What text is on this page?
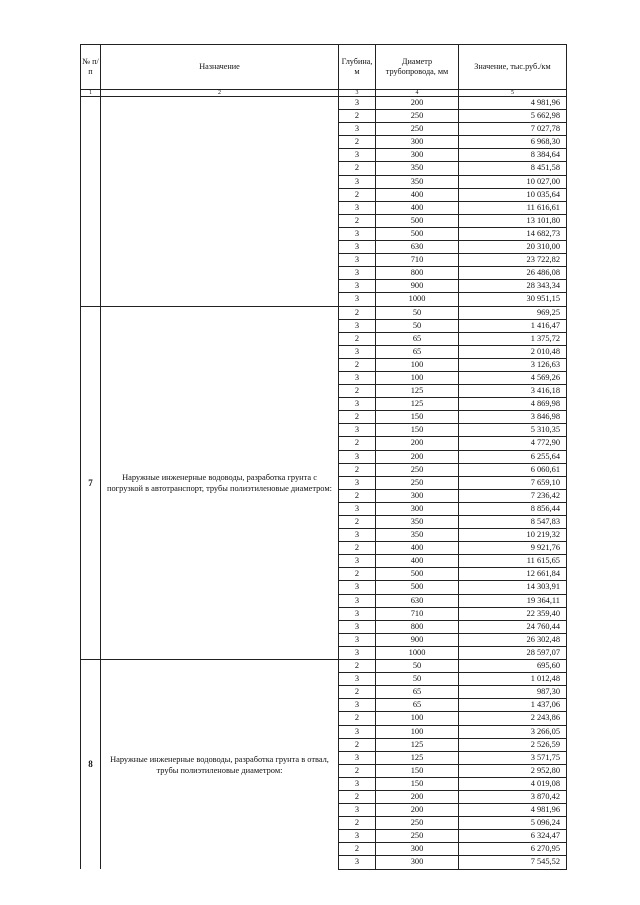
№ п/п	Назначение	Глубина, м	Диаметр трубопровода, мм	Значение, тыс.руб./км
1	2	3	4	5
		3	200	4 981,96
		2	250	5 662,98
		3	250	7 027,78
		2	300	6 968,30
		3	300	8 384,64
		2	350	8 451,58
		3	350	10 027,00
		2	400	10 035,64
		3	400	11 616,61
		2	500	13 101,80
		3	500	14 682,73
		3	630	20 310,00
		3	710	23 722,82
		3	800	26 486,08
		3	900	28 343,34
		3	1000	30 951,15
7	Наружные инженерные водоводы, разработка грунта с погрузкой в автотранспорт, трубы полиэтиленовые диаметром:	2	50	969,25
		3	50	1 416,47
		2	65	1 375,72
		3	65	2 010,48
		2	100	3 126,63
		3	100	4 569,26
		2	125	3 416,18
		3	125	4 869,98
		2	150	3 846,98
		3	150	5 310,35
		2	200	4 772,90
		3	200	6 255,64
		2	250	6 060,61
		3	250	7 659,10
		2	300	7 236,42
		3	300	8 856,44
		2	350	8 547,83
		3	350	10 219,32
		2	400	9 921,76
		3	400	11 615,65
		2	500	12 661,84
		3	500	14 303,91
		3	630	19 364,11
		3	710	22 359,40
		3	800	24 760,44
		3	900	26 302,48
		3	1000	28 597,07
8	Наружные инженерные водоводы, разработка грунта в отвал, трубы полиэтиленовые диаметром:	2	50	695,60
		3	50	1 012,48
		2	65	987,30
		3	65	1 437,06
		2	100	2 243,86
		3	100	3 266,05
		2	125	2 526,59
		3	125	3 571,75
		2	150	2 952,80
		3	150	4 019,08
		2	200	3 870,42
		3	200	4 981,96
		2	250	5 096,24
		3	250	6 324,47
		2	300	6 270,95
		3	300	7 545,52
